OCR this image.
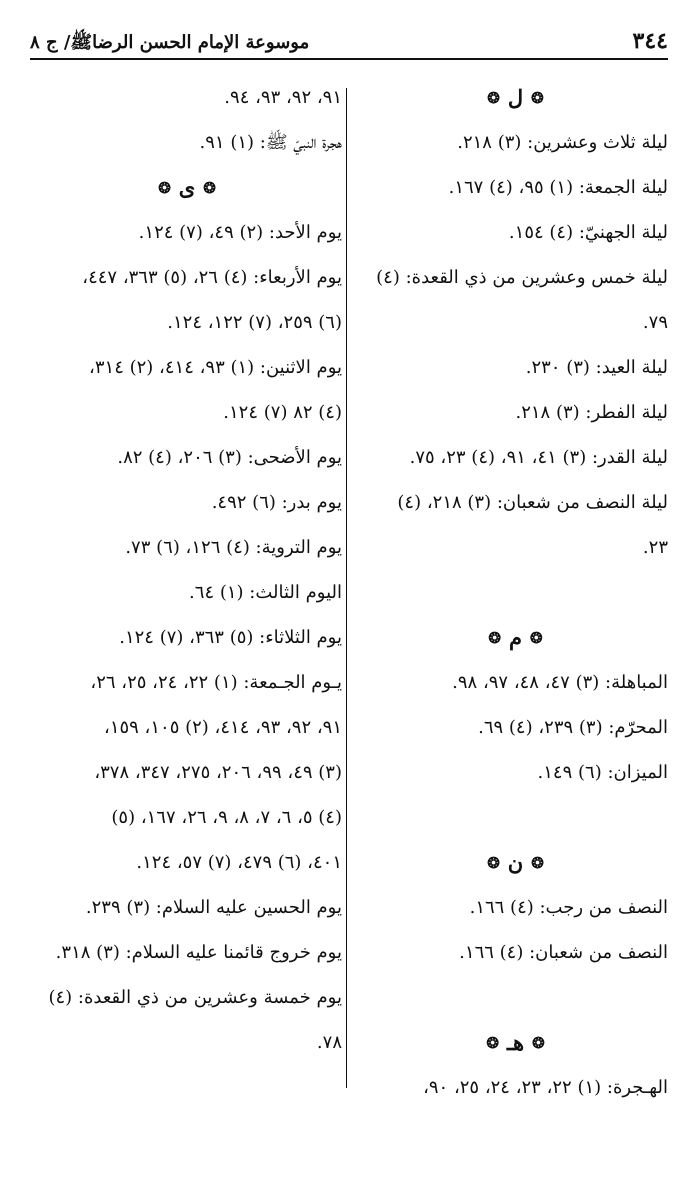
٣٤٤
موسوعة الإمام الحسن الرضاﷺ/ ج ٨
❂
ل
❂
ليلة ثلاث وعشرين: (٣) ٢١٨.
ليلة الجمعة: (١) ٩٥، (٤) ١٦٧.
ليلة الجهنيّ: (٤) ١٥٤.
ليلة خمس وعشرين من ذي القعدة: (٤)
٧٩.
ليلة العيد: (٣) ٢٣٠.
ليلة الفطر: (٣) ٢١٨.
ليلة القدر: (٣) ٤١، ٩١، (٤) ٢٣، ٧٥.
ليلة النصف من شعبان: (٣) ٢١٨، (٤)
٢٣.
❂
م
❂
المباهلة: (٣) ٤٧، ٤٨، ٩٧، ٩٨.
المحرّم: (٣) ٢٣٩، (٤) ٦٩.
الميزان: (٦) ١٤٩.
❂
ن
❂
النصف من رجب: (٤) ١٦٦.
النصف من شعبان: (٤) ١٦٦.
❂
هـ
❂
الهـجرة: (١) ٢٢، ٢٣، ٢٤، ٢٥، ٩٠،
٩١، ٩٢، ٩٣، ٩٤.
هجرة النبيّ ﷺ: (١) ٩١.
❂
ى
❂
يوم الأحد: (٢) ٤٩، (٧) ١٢٤.
يوم الأربعاء: (٤) ٢٦، (٥) ٣٦٣، ٤٤٧،
(٦) ٢٥٩، (٧) ١٢٢، ١٢٤.
يوم الاثنين: (١) ٩٣، ٤١٤، (٢) ٣١٤،
(٤) ٨٢ (٧) ١٢٤.
يوم الأضحى: (٣) ٢٠٦، (٤) ٨٢.
يوم بدر: (٦) ٤٩٢.
يوم التروية: (٤) ١٢٦، (٦) ٧٣.
اليوم الثالث: (١) ٦٤.
يوم الثلاثاء: (٥) ٣٦٣، (٧) ١٢٤.
يـوم الجـمعة: (١) ٢٢، ٢٤، ٢٥، ٢٦،
٩١، ٩٢، ٩٣، ٤١٤، (٢) ١٠٥، ١٥٩،
(٣) ٤٩، ٩٩، ٢٠٦، ٢٧٥، ٣٤٧، ٣٧٨،
(٤) ٥، ٦، ٧، ٨، ٩، ٢٦، ١٦٧، (٥)
٤٠١، (٦) ٤٧٩، (٧) ٥٧، ١٢٤.
يوم الحسين عليه السلام: (٣) ٢٣٩.
يوم خروج قائمنا عليه السلام: (٣) ٣١٨.
يوم خمسة وعشرين من ذي القعدة: (٤)
٧٨.
